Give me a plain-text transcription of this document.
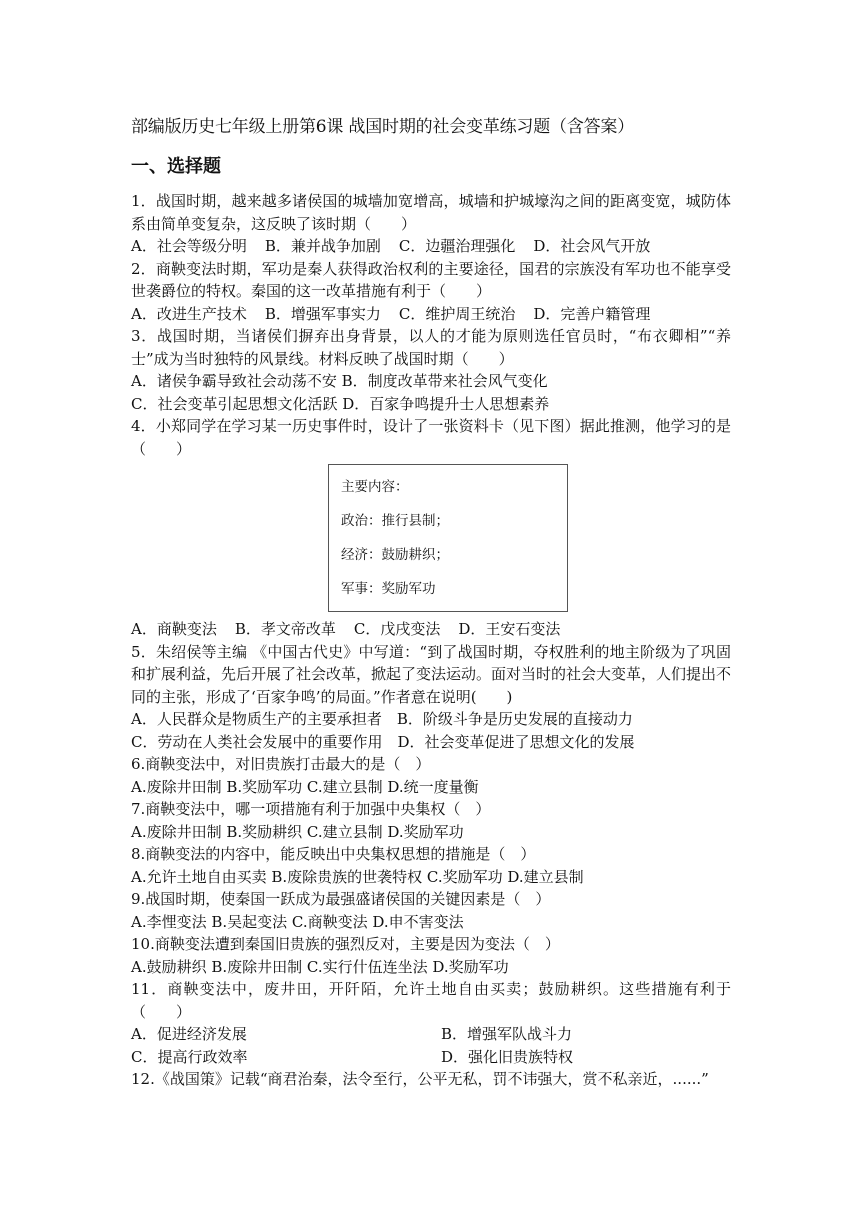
部编版历史七年级上册第6课 战国时期的社会变革练习题（含答案）
一、选择题

1．战国时期，越来越多诸侯国的城墙加宽增高，城墙和护城壕沟之间的距离变宽，城防体系由简单变复杂，这反映了该时期（　　）

A．社会等级分明 B．兼并战争加剧 C．边疆治理强化 D．社会风气开放

2．商鞅变法时期，军功是秦人获得政治权利的主要途径，国君的宗族没有军功也不能享受世袭爵位的特权。秦国的这一改革措施有利于（　　）

A．改进生产技术 B．增强军事实力 C．维护周王统治 D．完善户籍管理

3．战国时期，当诸侯们摒弃出身背景，以人的才能为原则选任官员时，“布衣卿相”“养士”成为当时独特的风景线。材料反映了战国时期（　　）

A．诸侯争霸导致社会动荡不安 B．制度改革带来社会风气变化

C．社会变革引起思想文化活跃 D．百家争鸣提升士人思想素养

4．小郑同学在学习某一历史事件时，设计了一张资料卡（见下图）据此推测，他学习的是（　　）

主要内容：
政治：推行县制；
经济：鼓励耕织；
军事：奖励军功

A．商鞅变法 B．孝文帝改革 C．戊戌变法 D．王安石变法

5．朱绍侯等主编 《中国古代史》中写道：“到了战国时期，夺权胜利的地主阶级为了巩固和扩展利益，先后开展了社会改革，掀起了变法运动。面对当时的社会大变革，人们提出不同的主张，形成了‘百家争鸣’的局面。”作者意在说明(　　)

A．人民群众是物质生产的主要承担者　B．阶级斗争是历史发展的直接动力

C．劳动在人类社会发展中的重要作用　D．社会变革促进了思想文化的发展

6.商鞅变法中，对旧贵族打击最大的是（　）

A.废除井田制 B.奖励军功 C.建立县制 D.统一度量衡

7.商鞅变法中，哪一项措施有利于加强中央集权（　）

A.废除井田制 B.奖励耕织 C.建立县制 D.奖励军功

8.商鞅变法的内容中，能反映出中央集权思想的措施是（　）

A.允许土地自由买卖 B.废除贵族的世袭特权 C.奖励军功 D.建立县制

9.战国时期，使秦国一跃成为最强盛诸侯国的关键因素是（　）

A.李悝变法 B.吴起变法 C.商鞅变法 D.申不害变法

10.商鞅变法遭到秦国旧贵族的强烈反对，主要是因为变法（　）

A.鼓励耕织 B.废除井田制 C.实行什伍连坐法 D.奖励军功

11．商鞅变法中，废井田，开阡陌，允许土地自由买卖；鼓励耕织。这些措施有利于（　　）

A．促进经济发展	B．增强军队战斗力
C．提高行政效率	D．强化旧贵族特权

12.《战国策》记载“商君治秦，法令至行，公平无私，罚不讳强大，赏不私亲近，......”
